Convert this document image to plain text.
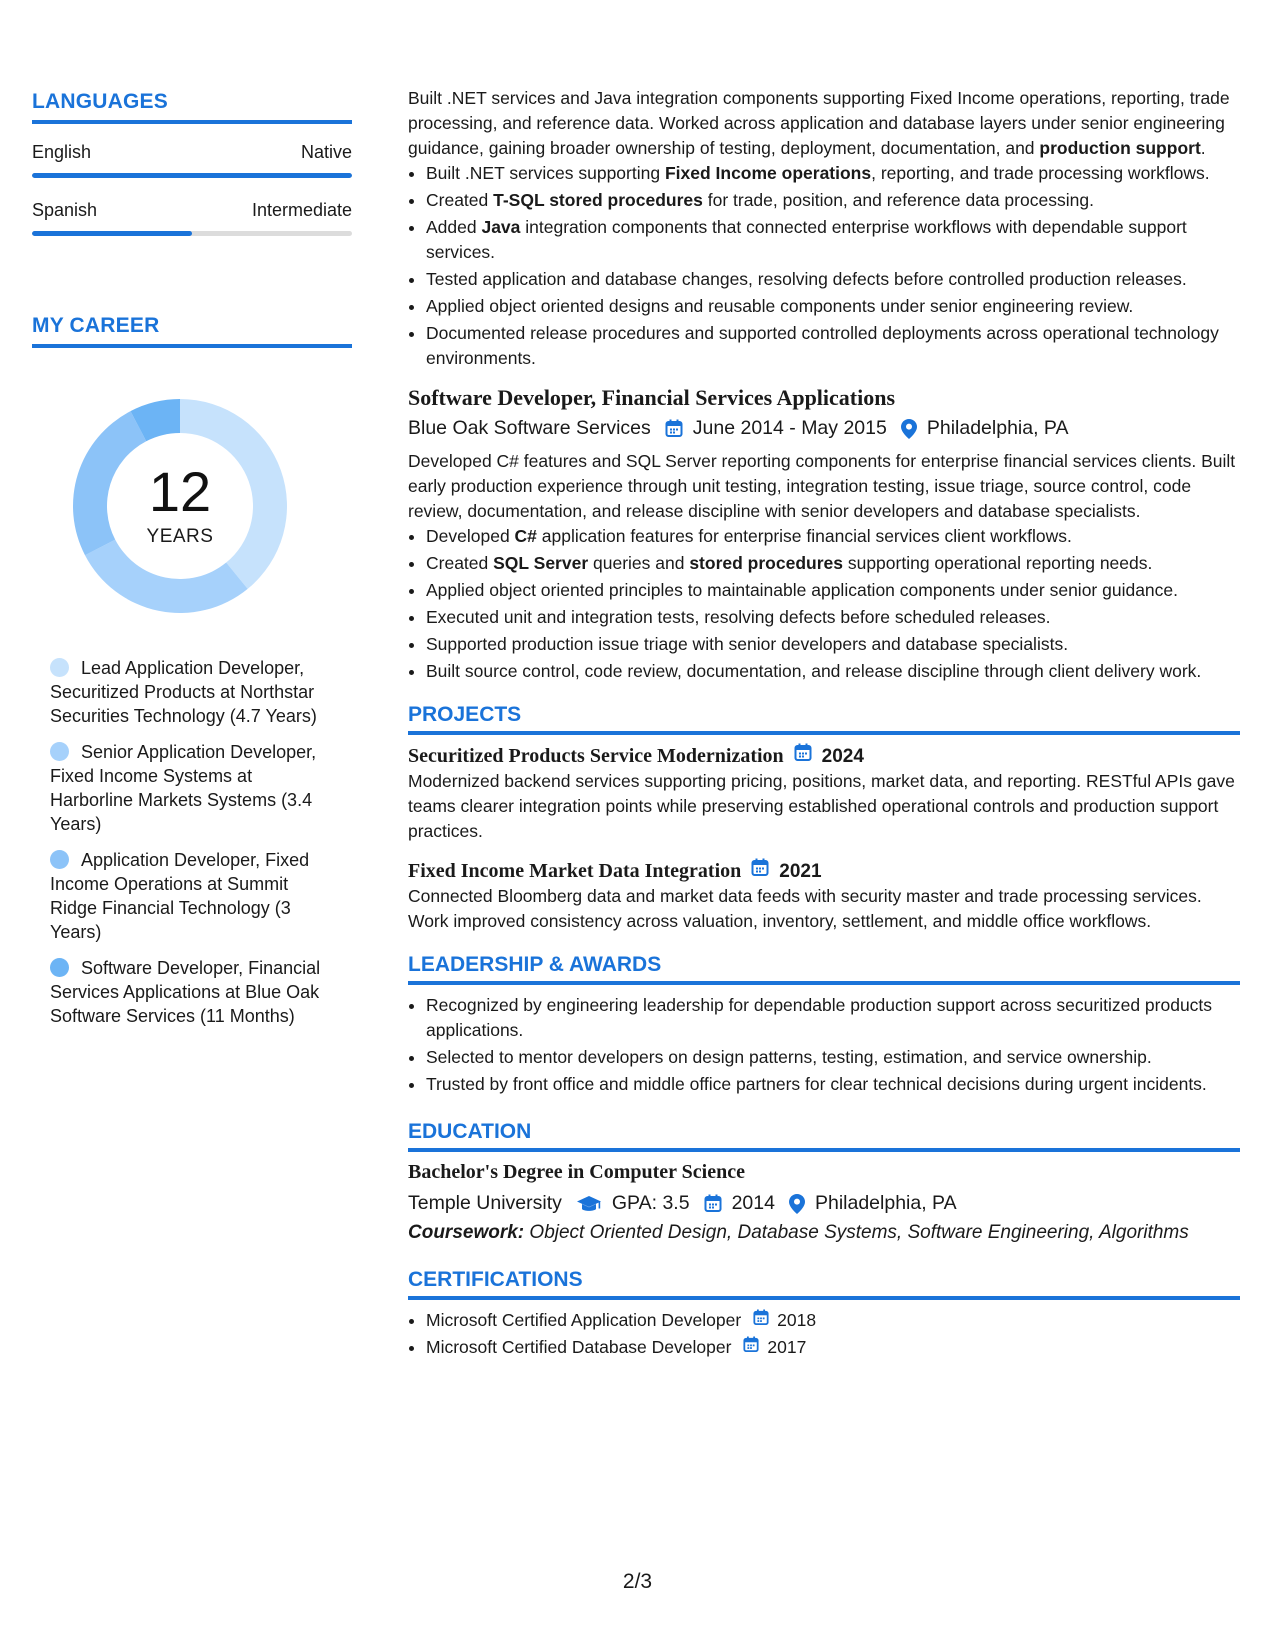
LANGUAGES
English	Native
Spanish	Intermediate
MY CAREER
12
YEARS
Lead Application Developer, Securitized Products at Northstar Securities Technology (4.7 Years)
Senior Application Developer, Fixed Income Systems at Harborline Markets Systems (3.4 Years)
Application Developer, Fixed Income Operations at Summit Ridge Financial Technology (3 Years)
Software Developer, Financial Services Applications at Blue Oak Software Services (11 Months)

Built .NET services and Java integration components supporting Fixed Income operations, reporting, trade processing, and reference data. Worked across application and database layers under senior engineering guidance, gaining broader ownership of testing, deployment, documentation, and production support.

• Built .NET services supporting Fixed Income operations, reporting, and trade processing workflows.
• Created T-SQL stored procedures for trade, position, and reference data processing.
• Added Java integration components that connected enterprise workflows with dependable support services.
• Tested application and database changes, resolving defects before controlled production releases.
• Applied object oriented designs and reusable components under senior engineering review.
• Documented release procedures and supported controlled deployments across operational technology environments.
Software Developer, Financial Services Applications
Blue Oak Software Services June 2014 - May 2015 Philadelphia, PA

Developed C# features and SQL Server reporting components for enterprise financial services clients. Built early production experience through unit testing, integration testing, issue triage, source control, code review, documentation, and release discipline with senior developers and database specialists.

• Developed C# application features for enterprise financial services client workflows.
• Created SQL Server queries and stored procedures supporting operational reporting needs.
• Applied object oriented principles to maintainable application components under senior guidance.
• Executed unit and integration tests, resolving defects before scheduled releases.
• Supported production issue triage with senior developers and database specialists.
• Built source control, code review, documentation, and release discipline through client delivery work.
PROJECTS
Securitized Products Service Modernization 2024

Modernized backend services supporting pricing, positions, market data, and reporting. RESTful APIs gave teams clearer integration points while preserving established operational controls and production support practices.

Fixed Income Market Data Integration 2021

Connected Bloomberg data and market data feeds with security master and trade processing services. Work improved consistency across valuation, inventory, settlement, and middle office workflows.

LEADERSHIP & AWARDS
• Recognized by engineering leadership for dependable production support across securitized products applications.
• Selected to mentor developers on design patterns, testing, estimation, and service ownership.
• Trusted by front office and middle office partners for clear technical decisions during urgent incidents.
EDUCATION
Bachelor's Degree in Computer Science
Temple University	GPA: 3.5 2014 Philadelphia, PA
Coursework: Object Oriented Design, Database Systems, Software Engineering, Algorithms
CERTIFICATIONS
• Microsoft Certified Application Developer 2018
• Microsoft Certified Database Developer 2017
2/3
